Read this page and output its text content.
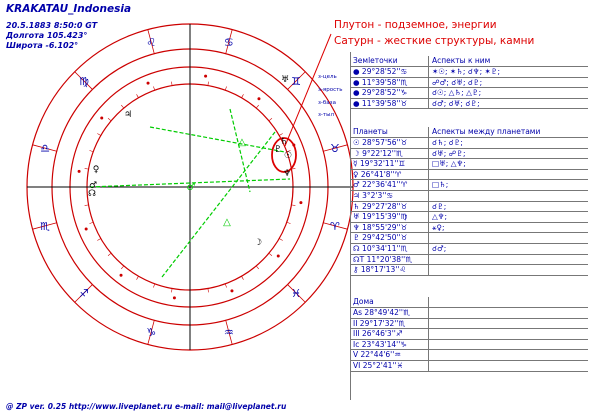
KRAKATAU_Indonesia
20.5.1883 8:50:0 GT
Долгота 105.423°
Широта -6.102°
Плутон - подземное, энергии
Сатурн - жесткие структуры, камни
♌	♋
♊
♉
♈
♓
♒
♑
♐
♏
♎
♍
♂
△
△
☉
♄
♇
☽
♆
♀
☊
♃
♅
♂
з-цель
з-ярость
з-база
з-тыл
Земleточки	Аспекты к ним
● 29°28'52''♋	✶☉; ✶♄; ☌♆; ✶♇;
● 11°39'58''♏	☍♂; ☌♅; ☌♇;
● 29°28'52''♑	☌☉; △♄; △♇;
● 11°39'58''♉	☌♂; ☌♅; ☌♇;
Планеты	Аспекты между планетами
☉ 28°57'56''♉	☌♄; ☌♇;
☽ 9°22'12''♏	☌♅; ☍♇;
☿ 19°32'11''♊	□♅; △♆;
♀ 26°41'8''♈
♂ 22°36'41''♈	□♄;
♃ 3°2'3''♋
♄ 29°27'28''♉	☌♇;
♅ 19°15'39''♍	△♆;
♆ 18°55'29''♉	⚹♀;
♇ 29°42'50''♉
☊ 10°34'11''♏	☌♂;
☊T 11°20'38''♏
⚷ 18°17'13''♌
Дома
As 28°49'42''♏
II 29°17'32''♏
III 26°46'3''♐
Ic 23°43'14''♑
V 22°44'6''♒
VI 25°2'41''♓
@ ZP ver. 0.25 http://www.liveplanet.ru e-mail: mail@liveplanet.ru
